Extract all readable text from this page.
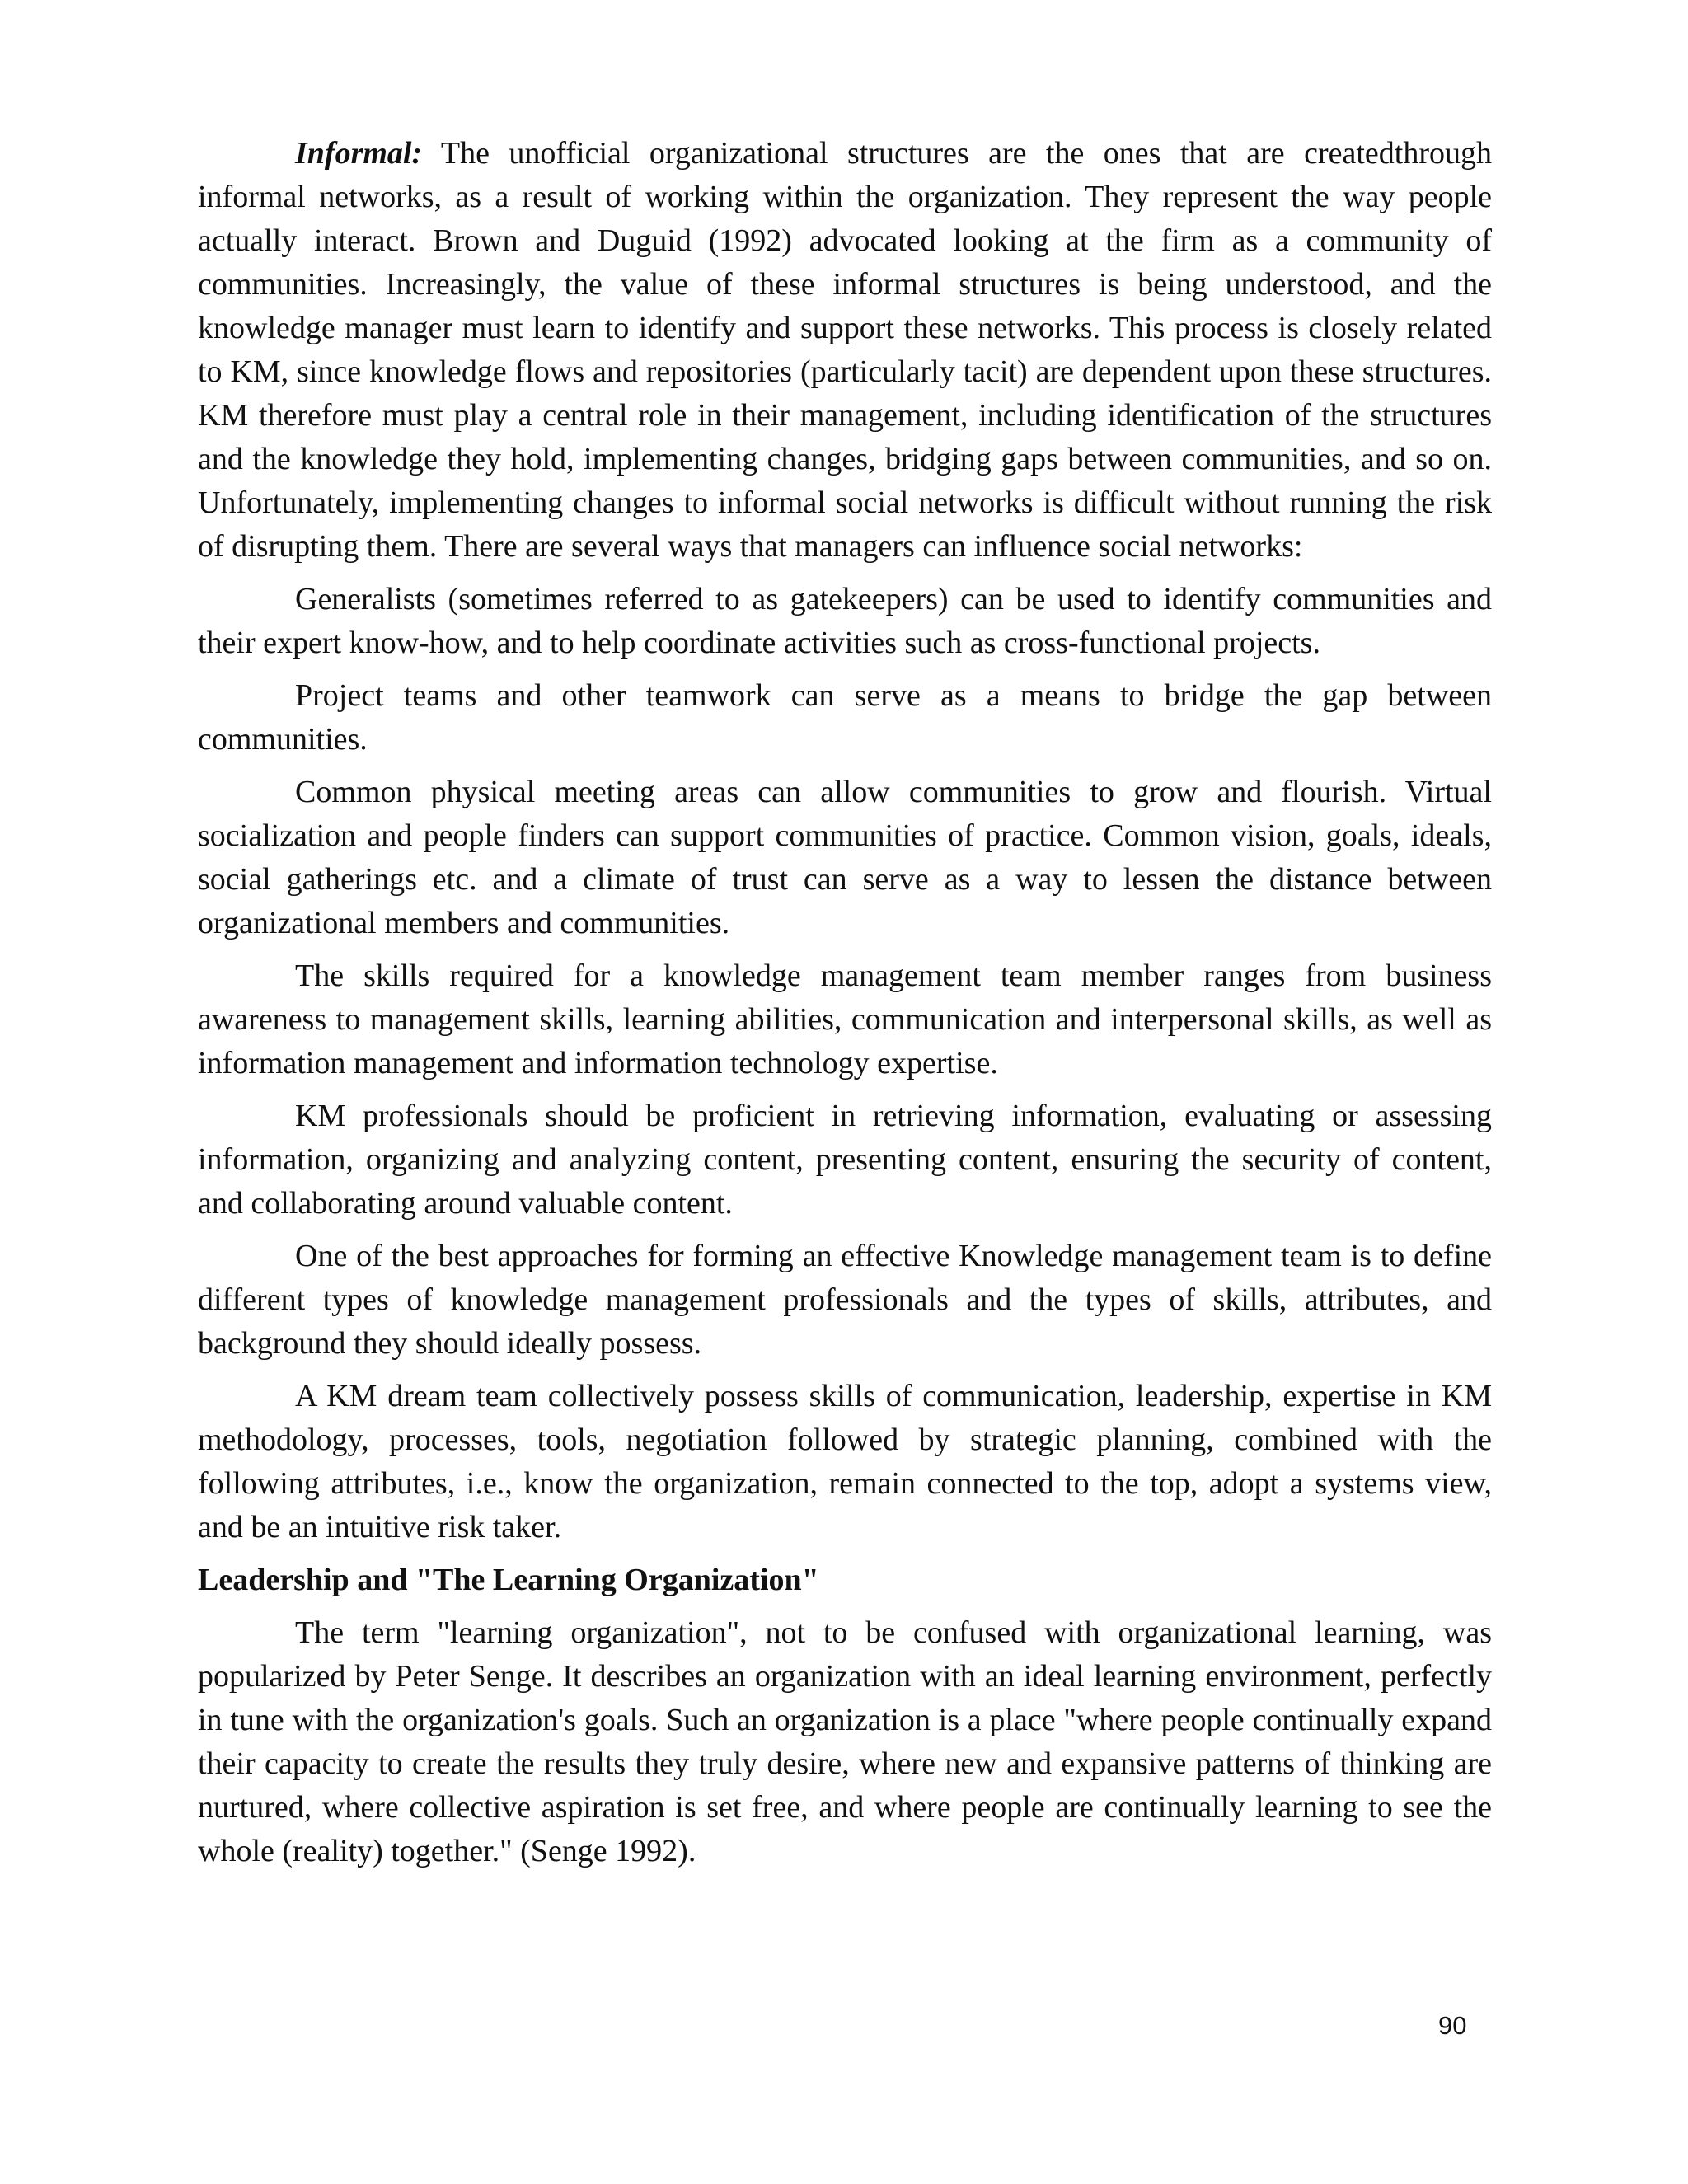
Informal: The unofficial organizational structures are the ones that are createdthrough informal networks, as a result of working within the organization. They represent the way people actually interact. Brown and Duguid (1992) advocated looking at the firm as a community of communities. Increasingly, the value of these informal structures is being understood, and the knowledge manager must learn to identify and support these networks. This process is closely related to KM, since knowledge flows and repositories (particularly tacit) are dependent upon these structures. KM therefore must play a central role in their management, including identification of the structures and the knowledge they hold, implementing changes, bridging gaps between communities, and so on. Unfortunately, implementing changes to informal social networks is difficult without running the risk of disrupting them. There are several ways that managers can influence social networks:

Generalists (sometimes referred to as gatekeepers) can be used to identify communities and their expert know-how, and to help coordinate activities such as cross-functional projects.

Project teams and other teamwork can serve as a means to bridge the gap between communities.

Common physical meeting areas can allow communities to grow and flourish. Virtual socialization and people finders can support communities of practice. Common vision, goals, ideals, social gatherings etc. and a climate of trust can serve as a way to lessen the distance between organizational members and communities.

The skills required for a knowledge management team member ranges from business awareness to management skills, learning abilities, communication and interpersonal skills, as well as information management and information technology expertise.

KM professionals should be proficient in retrieving information, evaluating or assessing information, organizing and analyzing content, presenting content, ensuring the security of content, and collaborating around valuable content.

One of the best approaches for forming an effective Knowledge management team is to define different types of knowledge management professionals and the types of skills, attributes, and background they should ideally possess.

A KM dream team collectively possess skills of communication, leadership, expertise in KM methodology, processes, tools, negotiation followed by strategic planning, combined with the following attributes, i.e., know the organization, remain connected to the top, adopt a systems view, and be an intuitive risk taker.

Leadership and "The Learning Organization"

The term "learning organization", not to be confused with organizational learning, was popularized by Peter Senge. It describes an organization with an ideal learning environment, perfectly in tune with the organization's goals. Such an organization is a place "where people continually expand their capacity to create the results they truly desire, where new and expansive patterns of thinking are nurtured, where collective aspiration is set free, and where people are continually learning to see the whole (reality) together." (Senge 1992).

90
